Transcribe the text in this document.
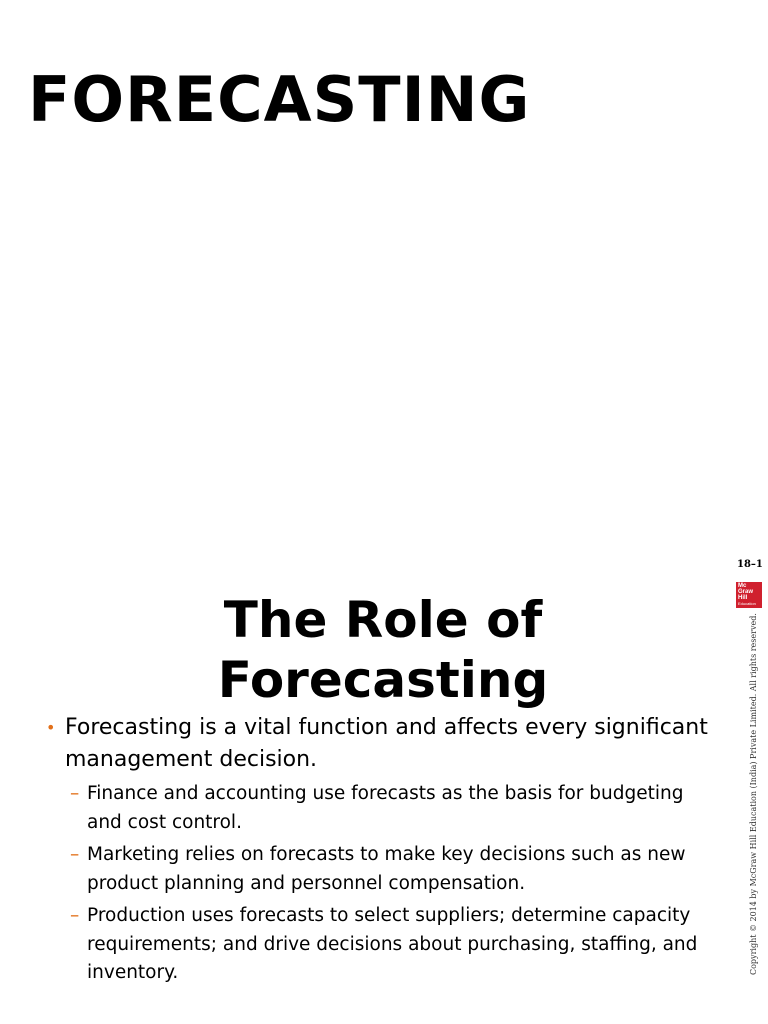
FORECASTING
18–1
Mc
Graw
Hill
Education
Copyright © 2014 by McGraw Hill Education (India) Private Limited. All rights reserved.
The Role of Forecasting
• Forecasting is a vital function and affects every significant management decision.
– Finance and accounting use forecasts as the basis for budgeting and cost control.
– Marketing relies on forecasts to make key decisions such as new product planning and personnel compensation.
– Production uses forecasts to select suppliers; determine capacity requirements; and drive decisions about purchasing, staffing, and inventory.
